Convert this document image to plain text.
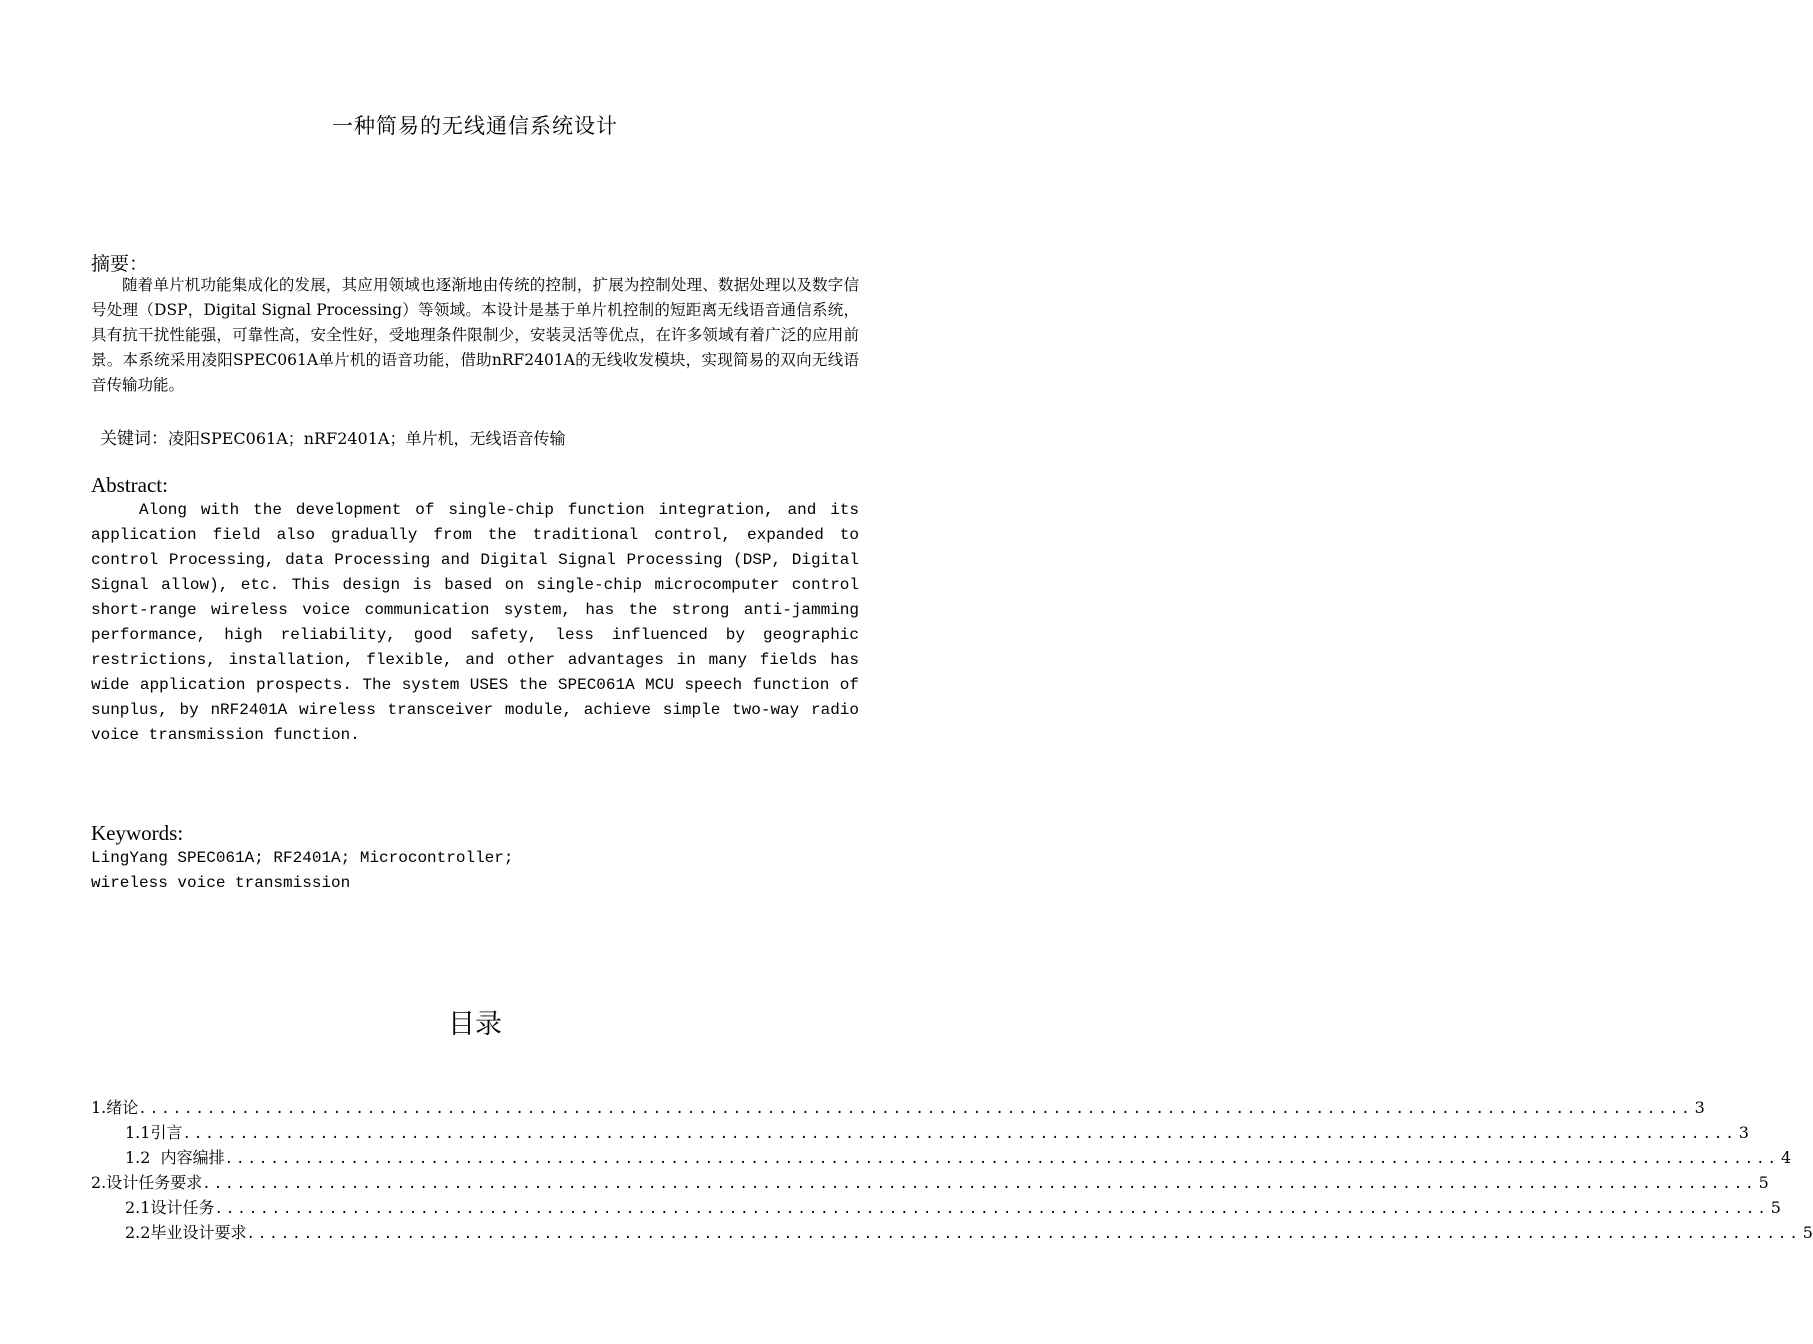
一种简易的无线通信系统设计
摘要：
随着单片机功能集成化的发展，其应用领域也逐渐地由传统的控制，扩展为控制处理、数据处理以及数字信号处理（DSP，Digital Signal Processing）等领域。本设计是基于单片机控制的短距离无线语音通信系统，具有抗干扰性能强，可靠性高，安全性好，受地理条件限制少，安装灵活等优点，在许多领域有着广泛的应用前景。本系统采用凌阳SPEC061A单片机的语音功能，借助nRF2401A的无线收发模块，实现简易的双向无线语音传输功能。
关键词：凌阳SPEC061A；nRF2401A；单片机，无线语音传输
Abstract:
Along with the development of single-chip function integration, and its application field also gradually from the traditional control, expanded to control Processing, data Processing and Digital Signal Processing (DSP, Digital Signal allow), etc. This design is based on single-chip microcomputer control short-range wireless voice communication system, has the strong anti-jamming performance, high reliability, good safety, less influenced by geographic restrictions, installation, flexible, and other advantages in many fields has wide application prospects. The system USES the SPEC061A MCU speech function of sunplus, by nRF2401A wireless transceiver module, achieve simple two-way radio voice transmission function.
Keywords:
LingYang SPEC061A; RF2401A; Microcontroller;
wireless voice transmission
目录
1.绪论 ........................................................................................................................................ 3
1.1引言 ........................................................................................................................................ 3
1.2  内容编排 ........................................................................................................................................ 4
2.设计任务要求 ........................................................................................................................................ 5
2.1设计任务 ........................................................................................................................................ 5
2.2毕业设计要求 ........................................................................................................................................ 5
